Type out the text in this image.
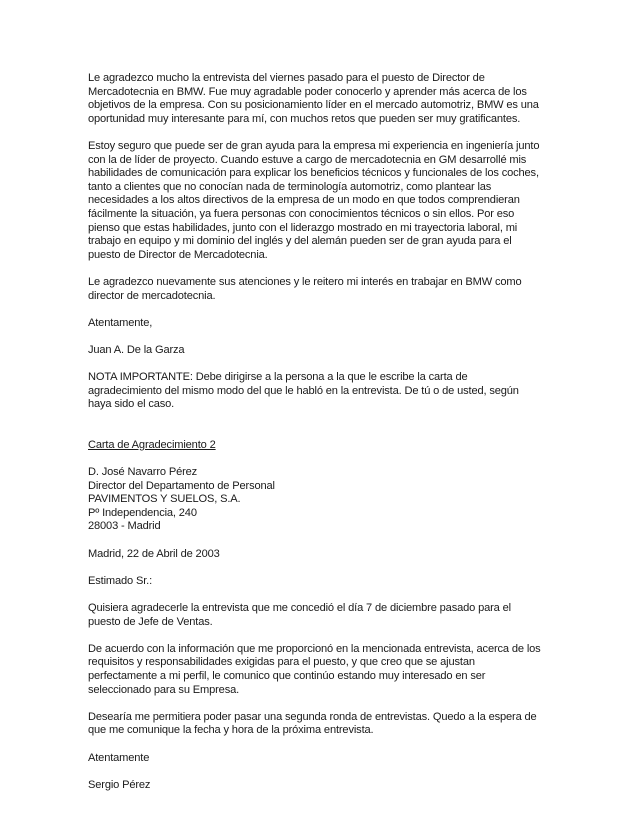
Le agradezco mucho la entrevista del viernes pasado para el puesto de Director de
Mercadotecnia en BMW. Fue muy agradable poder conocerlo y aprender más acerca de los
objetivos de la empresa. Con su posicionamiento líder en el mercado automotriz, BMW es una
oportunidad muy interesante para mí, con muchos retos que pueden ser muy gratificantes.

Estoy seguro que puede ser de gran ayuda para la empresa mi experiencia en ingeniería junto
con la de líder de proyecto. Cuando estuve a cargo de mercadotecnia en GM desarrollé mis
habilidades de comunicación para explicar los beneficios técnicos y funcionales de los coches,
tanto a clientes que no conocían nada de terminología automotriz, como plantear las
necesidades a los altos directivos de la empresa de un modo en que todos comprendieran
fácilmente la situación, ya fuera personas con conocimientos técnicos o sin ellos. Por eso
pienso que estas habilidades, junto con el liderazgo mostrado en mi trayectoria laboral, mi
trabajo en equipo y mi dominio del inglés y del alemán pueden ser de gran ayuda para el
puesto de Director de Mercadotecnia.

Le agradezco nuevamente sus atenciones y le reitero mi interés en trabajar en BMW como
director de mercadotecnia.

Atentamente,

Juan A. De la Garza

NOTA IMPORTANTE: Debe dirigirse a la persona a la que le escribe la carta de
agradecimiento del mismo modo del que le habló en la entrevista. De tú o de usted, según
haya sido el caso.

Carta de Agradecimiento 2

D. José Navarro Pérez
Director del Departamento de Personal
PAVIMENTOS Y SUELOS, S.A.
Pº Independencia, 240
28003 - Madrid

Madrid, 22 de Abril de 2003

Estimado Sr.:

Quisiera agradecerle la entrevista que me concedió el día 7 de diciembre pasado para el
puesto de Jefe de Ventas.

De acuerdo con la información que me proporcionó en la mencionada entrevista, acerca de los
requisitos y responsabilidades exigidas para el puesto, y que creo que se ajustan
perfectamente a mi perfil, le comunico que continúo estando muy interesado en ser
seleccionado para su Empresa.

Desearía me permitiera poder pasar una segunda ronda de entrevistas. Quedo a la espera de
que me comunique la fecha y hora de la próxima entrevista.

Atentamente

Sergio Pérez
